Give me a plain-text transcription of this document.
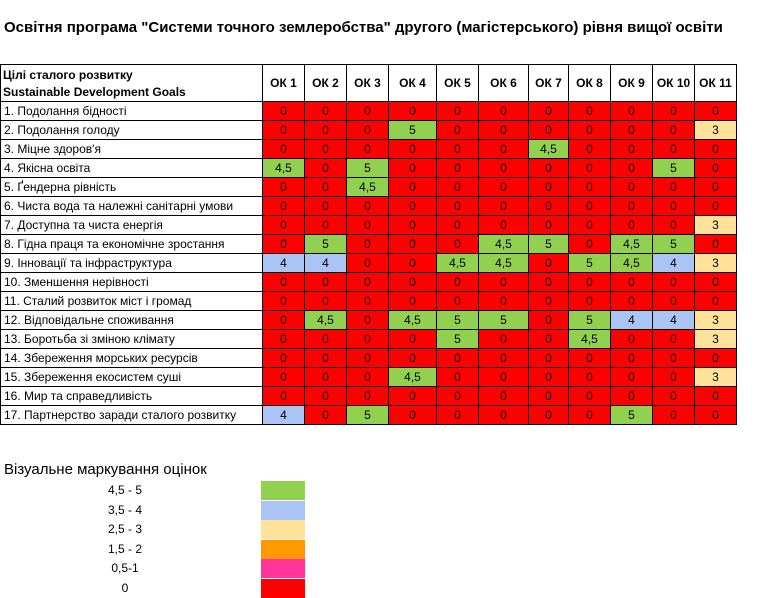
Освітня програма "Системи точного землеробства" другого (магістерського) рівня вищої освіти
Цілі сталого розвитку
Sustainable Development Goals	ОК 1	ОК 2	ОК 3	ОК 4	ОК 5	ОК 6	ОК 7	ОК 8	ОК 9	ОК 10	ОК 11
1. Подолання бідності	0	0	0	0	0	0	0	0	0	0	0
2. Подолання голоду	0	0	0	5	0	0	0	0	0	0	3
3. Міцне здоров'я	0	0	0	0	0	0	4,5	0	0	0	0
4. Якісна освіта	4,5	0	5	0	0	0	0	0	0	5	0
5. Ґендерна рівність	0	0	4,5	0	0	0	0	0	0	0	0
6. Чиста вода та належні санітарні умови	0	0	0	0	0	0	0	0	0	0	0
7. Доступна та чиста енергія	0	0	0	0	0	0	0	0	0	0	3
8. Гідна праця та економічне зростання	0	5	0	0	0	4,5	5	0	4,5	5	0
9. Інновації та інфраструктура	4	4	0	0	4,5	4,5	0	5	4,5	4	3
10. Зменшення нерівності	0	0	0	0	0	0	0	0	0	0	0
11. Сталий розвиток міст і громад	0	0	0	0	0	0	0	0	0	0	0
12. Відповідальне споживання	0	4,5	0	4,5	5	5	0	5	4	4	3
13. Боротьба зі зміною клімату	0	0	0	0	5	0	0	4,5	0	0	3
14. Збереження морських ресурсів	0	0	0	0	0	0	0	0	0	0	0
15. Збереження екосистем суші	0	0	0	4,5	0	0	0	0	0	0	3
16. Мир та справедливість	0	0	0	0	0	0	0	0	0	0	0
17. Партнерство заради сталого розвитку	4	0	5	0	0	0	0	0	5	0	0
Візуальне маркування оцінок
4,5 - 5
3,5 - 4
2,5 - 3
1,5 - 2
0,5-1
0
